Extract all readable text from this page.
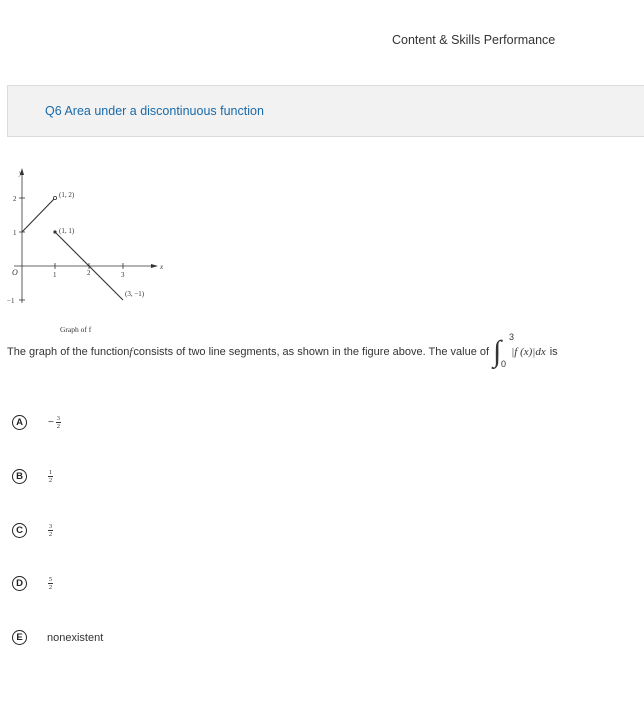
Content & Skills Performance
Q6 Area under a discontinuous function
y
x
O	1	2	3
2
1
−1
(1, 2)
(1, 1)
(3, −1)
Graph of f
The graph of the function f consists of two line segments, as shown in the figure above. The value of ∫ 3
0
|f (x)|dx is
A	− $\frac{3}{2}$
B	$\frac{1}{2}$
C	$\frac{3}{2}$
D	$\frac{5}{2}$
E	nonexistent
